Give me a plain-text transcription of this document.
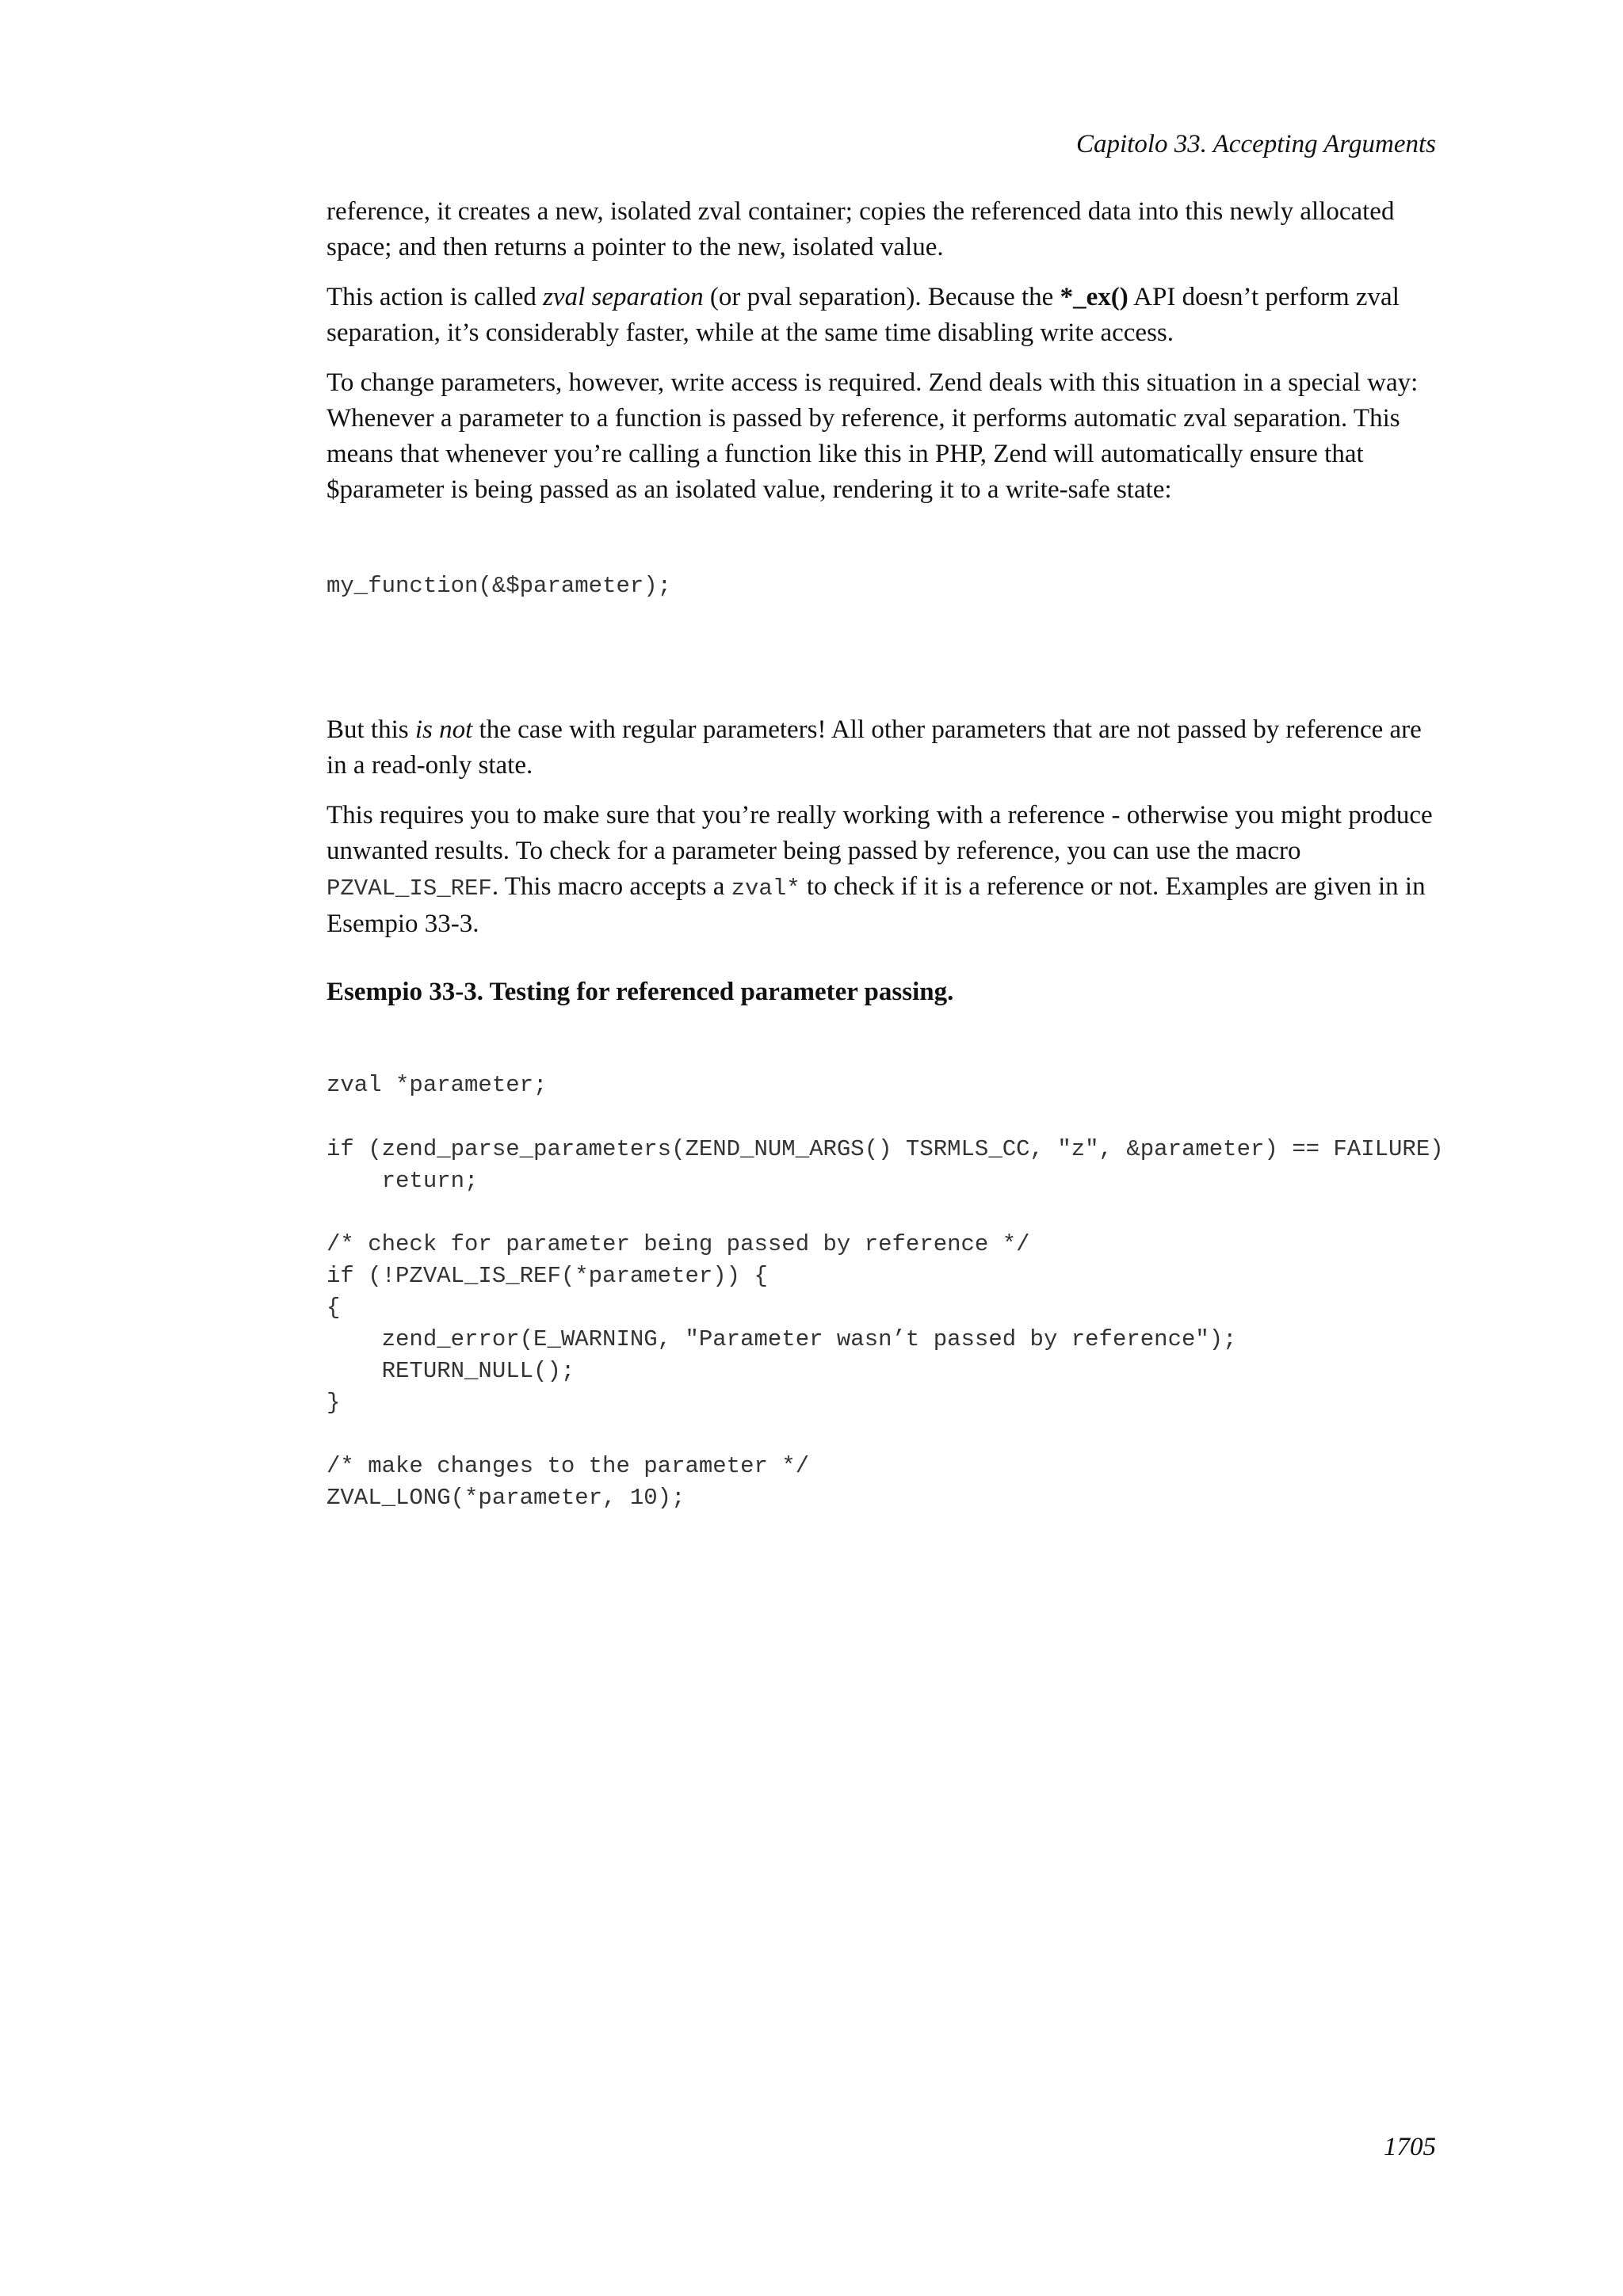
Capitolo 33. Accepting Arguments

reference, it creates a new, isolated zval container; copies the referenced data into this newly allocated space; and then returns a pointer to the new, isolated value.

This action is called zval separation (or pval separation). Because the *_ex() API doesn’t perform zval separation, it’s considerably faster, while at the same time disabling write access.

To change parameters, however, write access is required. Zend deals with this situation in a special way: Whenever a parameter to a function is passed by reference, it performs automatic zval separation. This means that whenever you’re calling a function like this in PHP, Zend will automatically ensure that $parameter is being passed as an isolated value, rendering it to a write-safe state:

my_function(&$parameter);

But this is not the case with regular parameters! All other parameters that are not passed by reference are in a read-only state.

This requires you to make sure that you’re really working with a reference - otherwise you might produce unwanted results. To check for a parameter being passed by reference, you can use the macro PZVAL_IS_REF. This macro accepts a zval* to check if it is a reference or not. Examples are given in in Esempio 33-3.

Esempio 33-3. Testing for referenced parameter passing.
zval *parameter;
if (zend_parse_parameters(ZEND_NUM_ARGS() TSRMLS_CC, "z", &parameter) == FAILURE)
return;
/* check for parameter being passed by reference */
if (!PZVAL_IS_REF(*parameter)) {
{
zend_error(E_WARNING, "Parameter wasn’t passed by reference");
RETURN_NULL();
}
/* make changes to the parameter */
ZVAL_LONG(*parameter, 10);
1705
